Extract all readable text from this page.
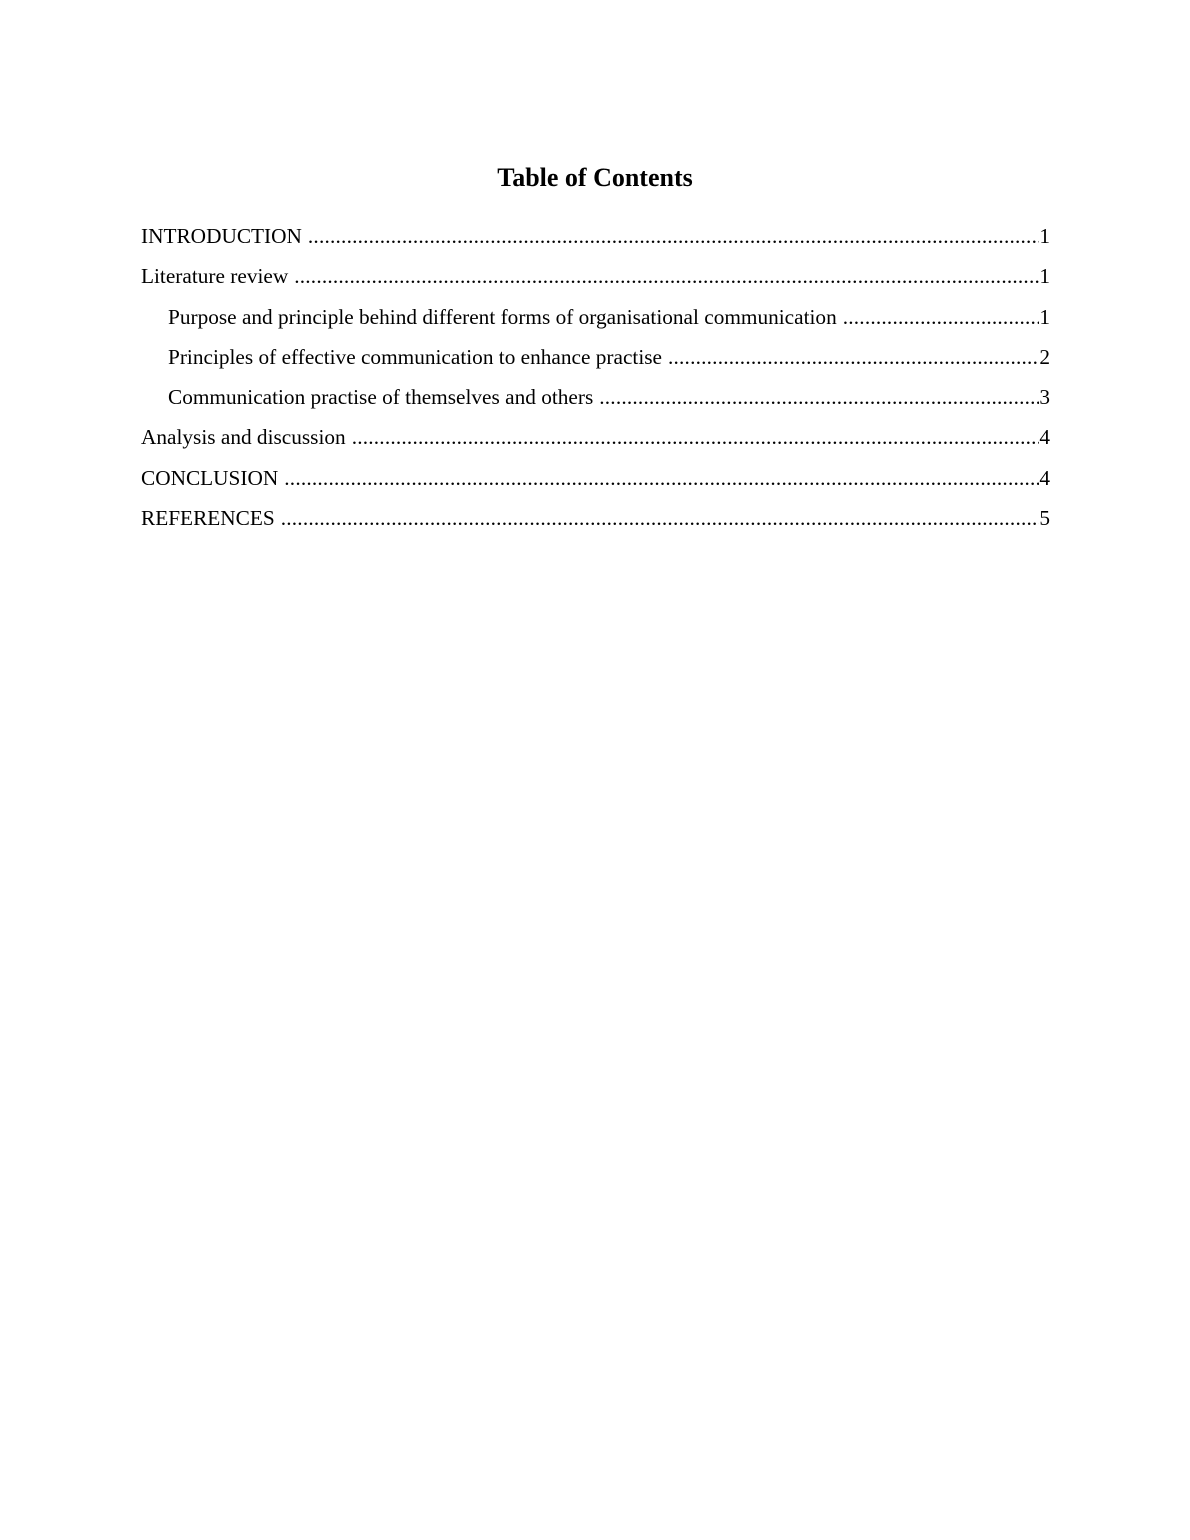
Table of Contents
INTRODUCTION .....	1
Literature review .....	1
Purpose and principle behind different forms of organisational communication .....	1
Principles of effective communication to enhance practise .....	2
Communication practise of themselves and others .....	3
Analysis and discussion .....	4
CONCLUSION .....	4
REFERENCES .....	5
